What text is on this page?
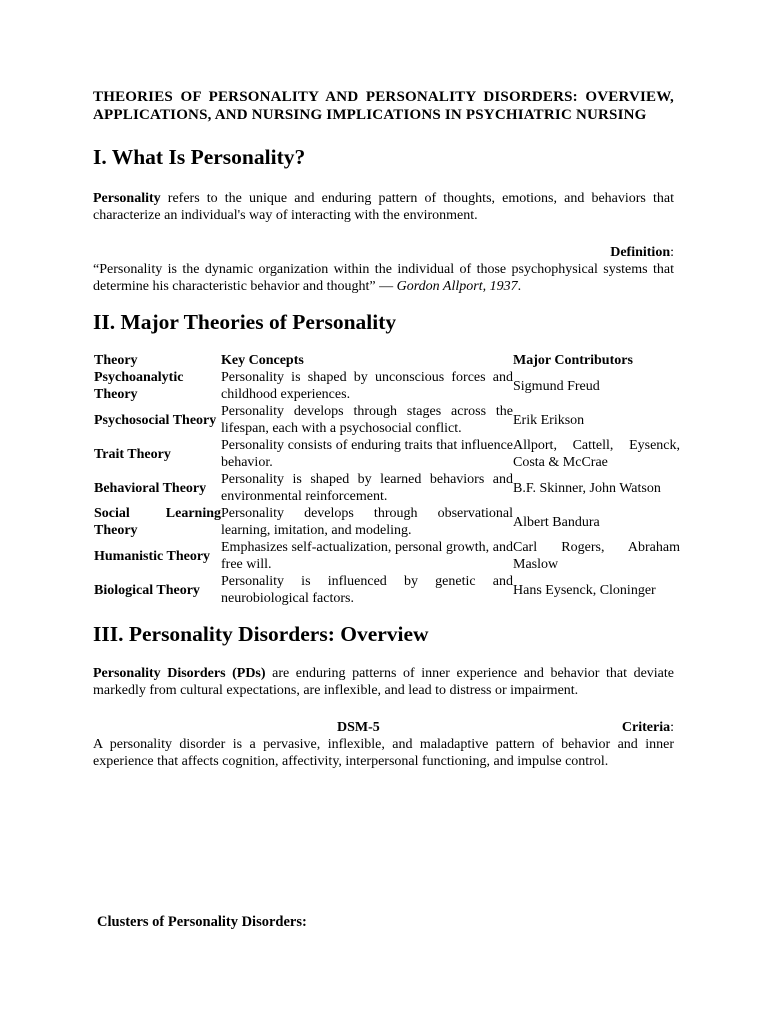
THEORIES OF PERSONALITY AND PERSONALITY DISORDERS: OVERVIEW, APPLICATIONS, AND NURSING IMPLICATIONS IN PSYCHIATRIC NURSING

I. What Is Personality?

Personality refers to the unique and enduring pattern of thoughts, emotions, and behaviors that characterize an individual's way of interacting with the environment.

Definition:

“Personality is the dynamic organization within the individual of those psychophysical systems that determine his characteristic behavior and thought” — Gordon Allport, 1937.

II. Major Theories of Personality
Theory	Key Concepts	Major Contributors
Psychoanalytic Theory	Personality is shaped by unconscious forces and childhood experiences.	Sigmund Freud
Psychosocial Theory	Personality develops through stages across the lifespan, each with a psychosocial conflict.	Erik Erikson
Trait Theory	Personality consists of enduring traits that influence behavior.	Allport, Cattell, Eysenck, Costa & McCrae
Behavioral Theory	Personality is shaped by learned behaviors and environmental reinforcement.	B.F. Skinner, John Watson
Social Learning Theory	Personality develops through observational learning, imitation, and modeling.	Albert Bandura
Humanistic Theory	Emphasizes self-actualization, personal growth, and free will.	Carl Rogers, Abraham Maslow
Biological Theory	Personality is influenced by genetic and neurobiological factors.	Hans Eysenck, Cloninger
III. Personality Disorders: Overview

Personality Disorders (PDs) are enduring patterns of inner experience and behavior that deviate markedly from cultural expectations, are inflexible, and lead to distress or impairment.

DSM-5	Criteria:

A personality disorder is a pervasive, inflexible, and maladaptive pattern of behavior and inner experience that affects cognition, affectivity, interpersonal functioning, and impulse control.

Clusters of Personality Disorders:
